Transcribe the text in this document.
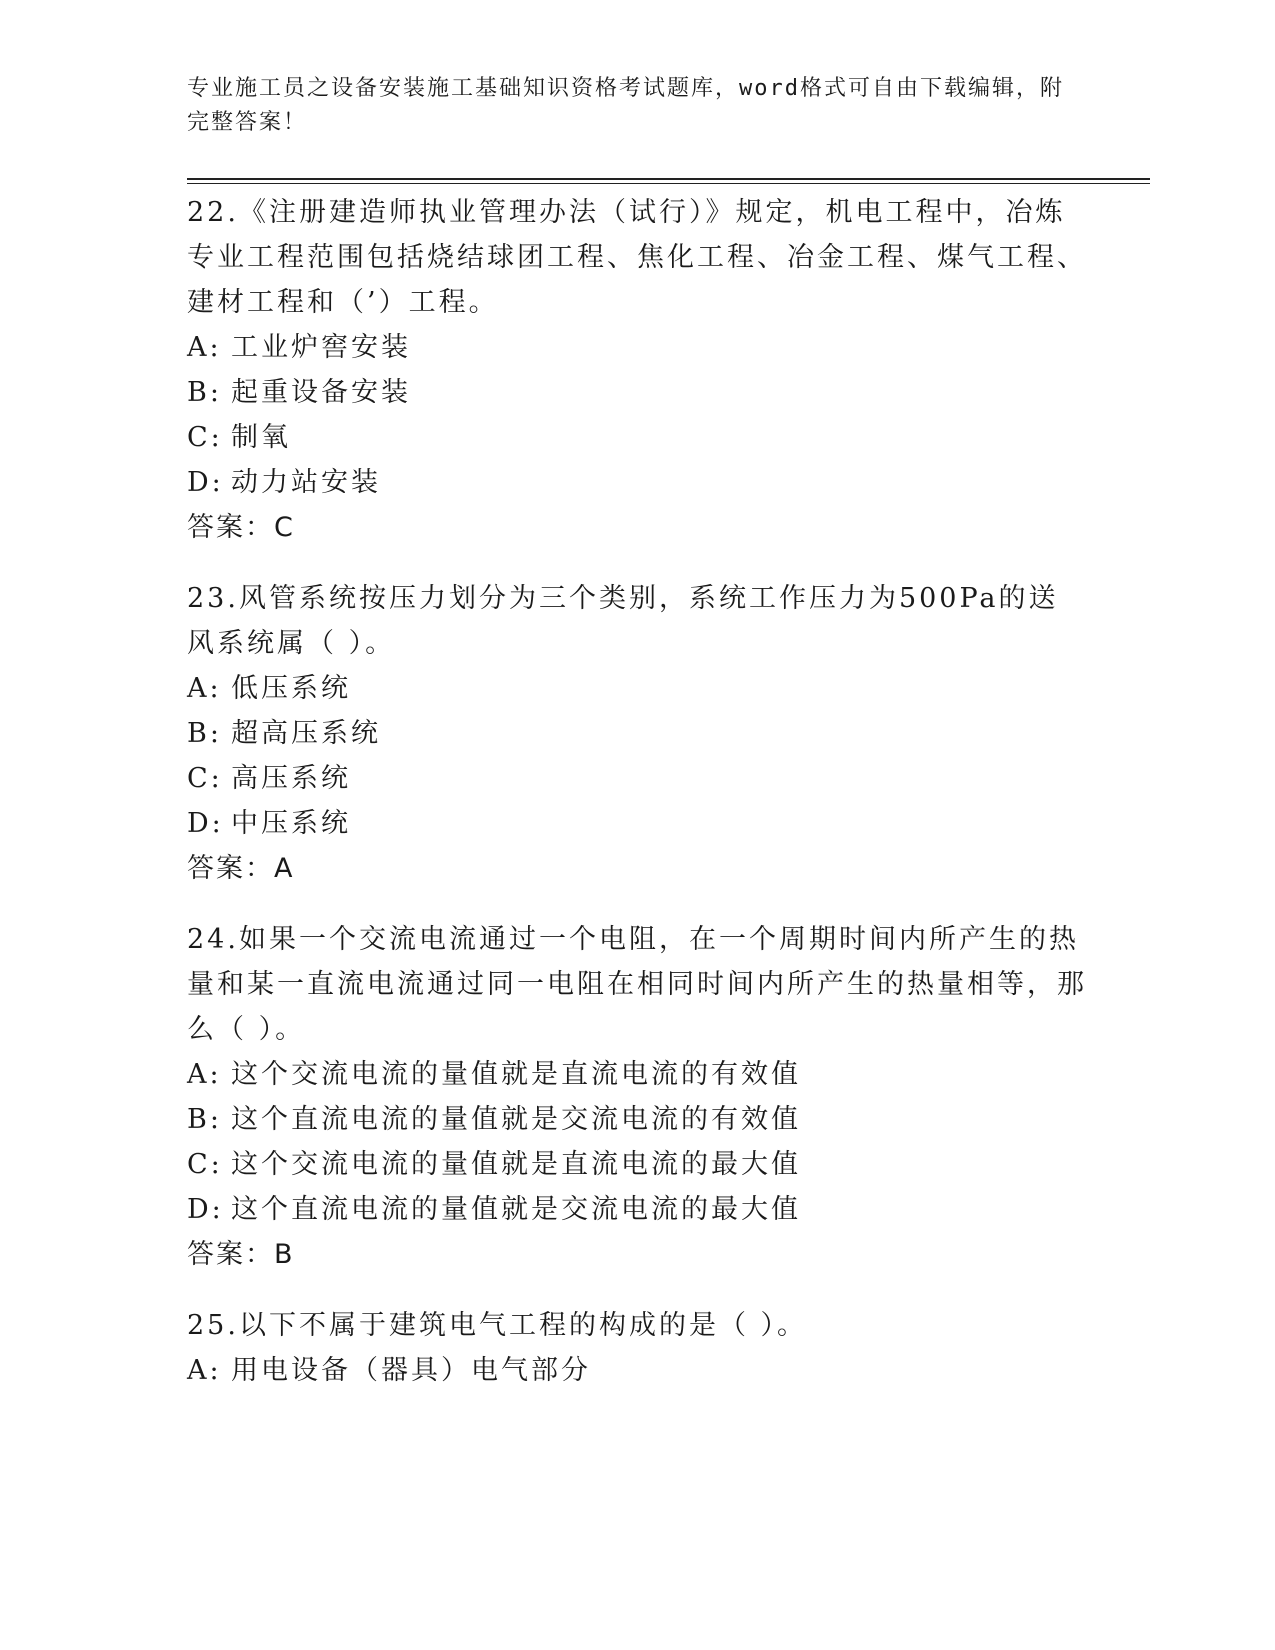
专业施工员之设备安装施工基础知识资格考试题库，word格式可自由下载编辑，附完整答案！
22.《注册建造师执业管理办法（试行）》规定，机电工程中，冶炼专业工程范围包括烧结球团工程、焦化工程、冶金工程、煤气工程、建材工程和（’）工程。
A: 工业炉窖安装
B: 起重设备安装
C: 制氧
D: 动力站安装
答案：C
23.风管系统按压力划分为三个类别，系统工作压力为500Pa的送风系统属（ ）。
A: 低压系统
B: 超高压系统
C: 高压系统
D: 中压系统
答案：A
24.如果一个交流电流通过一个电阻，在一个周期时间内所产生的热量和某一直流电流通过同一电阻在相同时间内所产生的热量相等，那么（ ）。
A: 这个交流电流的量值就是直流电流的有效值
B: 这个直流电流的量值就是交流电流的有效值
C: 这个交流电流的量值就是直流电流的最大值
D: 这个直流电流的量值就是交流电流的最大值
答案：B
25.以下不属于建筑电气工程的构成的是（ ）。
A: 用电设备（器具）电气部分
